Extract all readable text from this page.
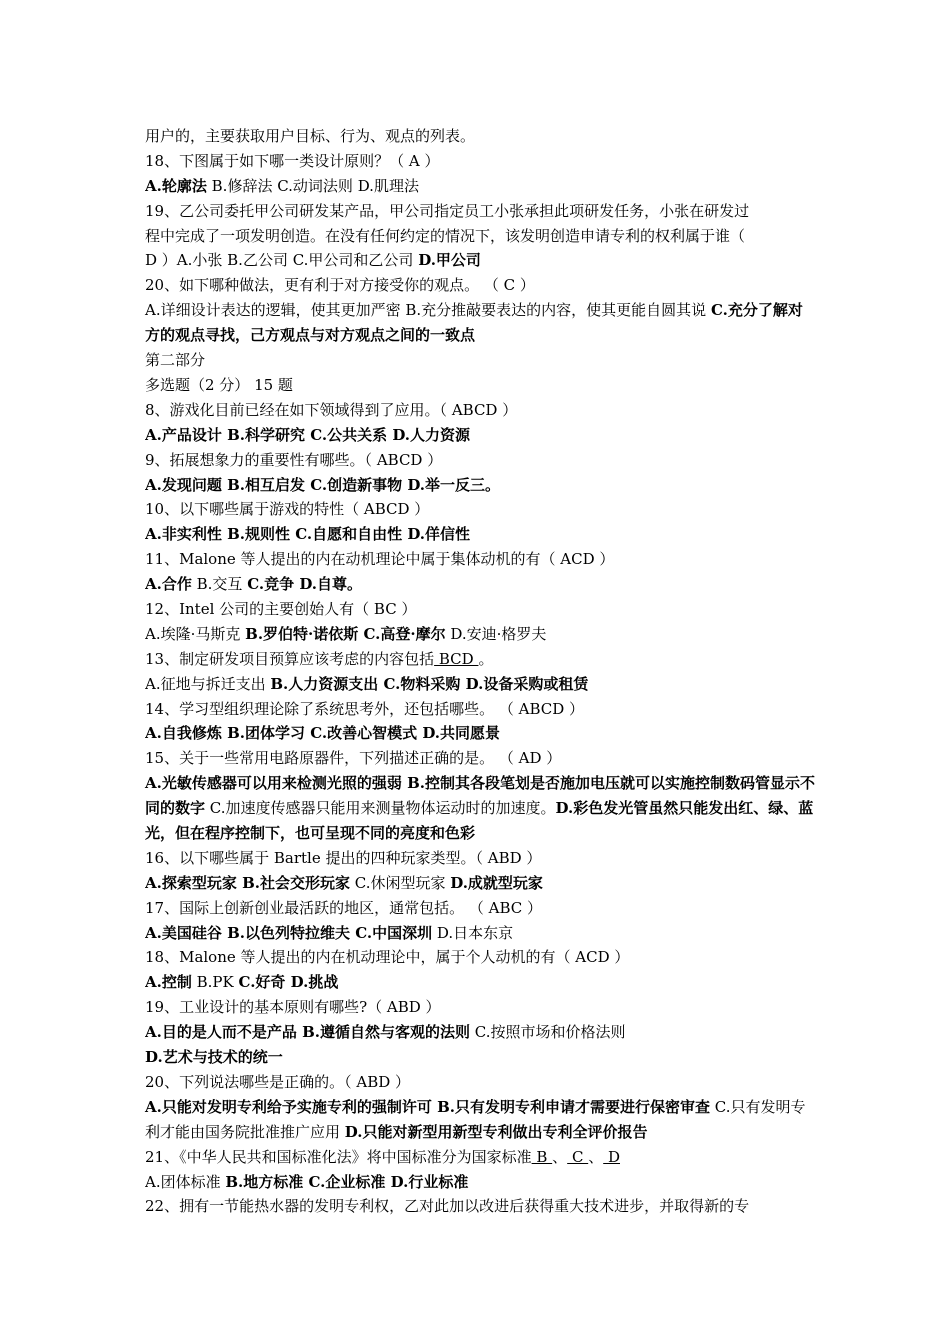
用户的，主要获取用户目标、行为、观点的列表。
18、下图属于如下哪一类设计原则？（ A ）
A.轮廓法 B.修辞法 C.动词法则 D.肌理法
19、乙公司委托甲公司研发某产品，甲公司指定员工小张承担此项研发任务，小张在研发过
程中完成了一项发明创造。在没有任何约定的情况下，该发明创造申请专利的权利属于谁（
D ）A.小张 B.乙公司 C.甲公司和乙公司 D.甲公司
20、如下哪种做法，更有利于对方接受你的观点。 （ C ）
A.详细设计表达的逻辑，使其更加严密 B.充分推敲要表达的内容，使其更能自圆其说 C.充分了解对方的观点寻找，己方观点与对方观点之间的一致点
第二部分
多选题（2 分） 15 题
8、游戏化目前已经在如下领域得到了应用。（ ABCD ）
A.产品设计 B.科学研究 C.公共关系 D.人力资源
9、拓展想象力的重要性有哪些。（ ABCD ）
A.发现问题 B.相互启发 C.创造新事物 D.举一反三。
10、以下哪些属于游戏的特性（ ABCD ）
A.非实利性 B.规则性 C.自愿和自由性 D.佯信性
11、Malone 等人提出的内在动机理论中属于集体动机的有（ ACD ）
A.合作 B.交互 C.竞争 D.自尊。
12、Intel 公司的主要创始人有（ BC ）
A.埃隆·马斯克 B.罗伯特·诺依斯 C.高登·摩尔 D.安迪·格罗夫
13、制定研发项目预算应该考虑的内容包括 BCD 。
A.征地与拆迁支出 B.人力资源支出 C.物料采购 D.设备采购或租赁
14、学习型组织理论除了系统思考外，还包括哪些。 （ ABCD ）
A.自我修炼 B.团体学习 C.改善心智模式 D.共同愿景
15、关于一些常用电路原器件，下列描述正确的是。 （ AD ）
A.光敏传感器可以用来检测光照的强弱 B.控制其各段笔划是否施加电压就可以实施控制数码管显示不同的数字 C.加速度传感器只能用来测量物体运动时的加速度。D.彩色发光管虽然只能发出红、绿、蓝光，但在程序控制下，也可呈现不同的亮度和色彩
16、以下哪些属于 Bartle 提出的四种玩家类型。（ ABD ）
A.探索型玩家 B.社会交形玩家 C.休闲型玩家 D.成就型玩家
17、国际上创新创业最活跃的地区，通常包括。 （ ABC ）
A.美国硅谷 B.以色列特拉维夫 C.中国深圳 D.日本东京
18、Malone 等人提出的内在机动理论中，属于个人动机的有（ ACD ）
A.控制 B.PK C.好奇 D.挑战
19、工业设计的基本原则有哪些?（ ABD ）
A.目的是人而不是产品 B.遵循自然与客观的法则 C.按照市场和价格法则
D.艺术与技术的统一
20、下列说法哪些是正确的。（ ABD ）
A.只能对发明专利给予实施专利的强制许可 B.只有发明专利申请才需要进行保密审查 C.只有发明专利才能由国务院批准推广应用 D.只能对新型用新型专利做出专利全评价报告
21、《中华人民共和国标准化法》将中国标准分为国家标准 B 、 C 、 D
A.团体标准 B.地方标准 C.企业标准 D.行业标准
22、拥有一节能热水器的发明专利权，乙对此加以改进后获得重大技术进步，并取得新的专
